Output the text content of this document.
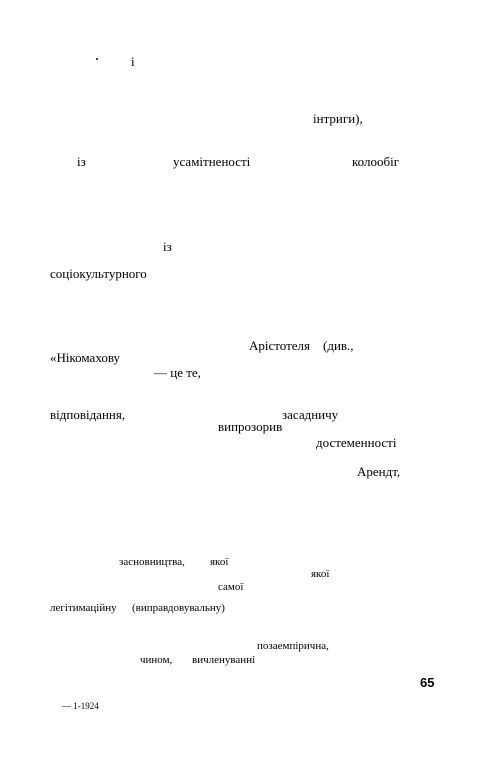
і
інтриги),
із	усамітненості	колообіг
із
соціокультурного
Арістотеля (див.,
«Нікомахову
— це те,
відповідання,	засадничу
випрозорив
достеменності
Арендт,
засновництва, якої
якої
самої
легітимаційну (виправдовувальну)
позаемпірична,
чином, вичленуванні
65
— 1-1924
